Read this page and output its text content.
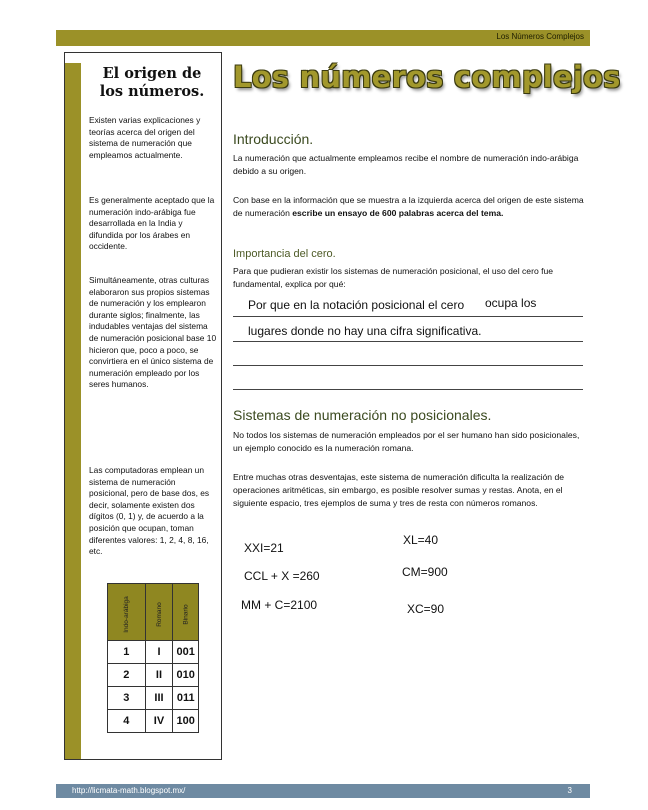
Los Números Complejos
El origen de los números.
Existen varias explicaciones y teorías acerca del origen del sistema de numeración que empleamos actualmente.
Es generalmente aceptado que la numeración indo-arábiga fue desarrollada en la India y difundida por los árabes en occidente.
Simultáneamente, otras culturas elaboraron sus propios sistemas de numeración y los emplearon durante siglos; finalmente, las indudables ventajas del sistema de numeración posicional base 10 hicieron que, poco a poco, se convirtiera en el único sistema de numeración empleado por los seres humanos.
Las computadoras emplean un sistema de numeración posicional, pero de base dos, es decir, solamente existen dos dígitos (0, 1) y, de acuerdo a la posición que ocupan, toman diferentes valores: 1, 2, 4, 8, 16, etc.
Indo-arábiga	Romano	Binario
1	I	001
2	II	010
3	III	011
4	IV	100
Los números complejos
Introducción.
La numeración que actualmente empleamos recibe el nombre de numeración indo-arábiga debido a su origen.
Con base en la información que se muestra a la izquierda acerca del origen de este sistema de numeración escribe un ensayo de 600 palabras acerca del tema.
Importancia del cero.
Para que pudieran existir los sistemas de numeración posicional, el uso del cero fue fundamental, explica por qué:
Por que en la notación posicional el cero ocupa los
lugares donde no hay una cifra significativa.
Sistemas de numeración no posicionales.
No todos los sistemas de numeración empleados por el ser humano han sido posicionales, un ejemplo conocido es la numeración romana.
Entre muchas otras desventajas, este sistema de numeración dificulta la realización de operaciones aritméticas, sin embargo, es posible resolver sumas y restas. Anota, en el siguiente espacio, tres ejemplos de suma y tres de resta con números romanos.
XXI=21
CCL + X =260
MM + C=2100
XL=40
CM=900
XC=90
http://licmata-math.blogspot.mx/	3
